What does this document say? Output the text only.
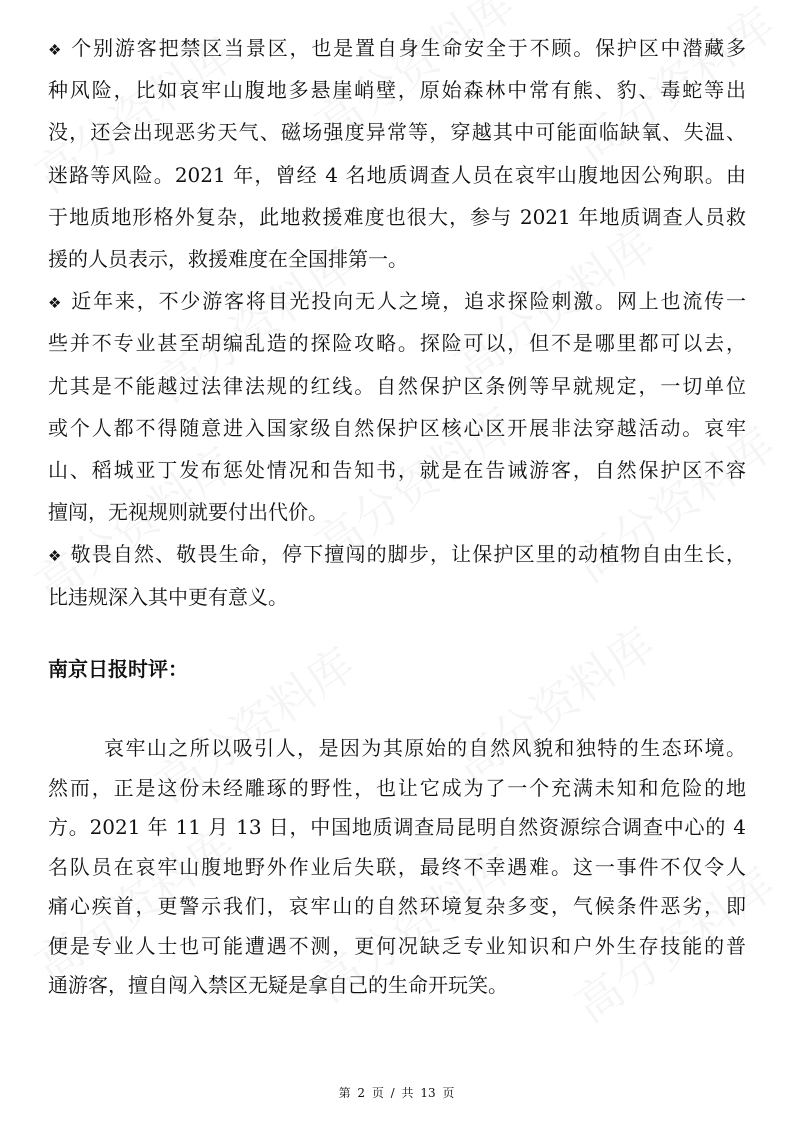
❖ 个别游客把禁区当景区，也是置自身生命安全于不顾。保护区中潜藏多
种风险，比如哀牢山腹地多悬崖峭壁，原始森林中常有熊、豹、毒蛇等出
没，还会出现恶劣天气、磁场强度异常等，穿越其中可能面临缺氧、失温、
迷路等风险。2021 年，曾经 4 名地质调查人员在哀牢山腹地因公殉职。由
于地质地形格外复杂，此地救援难度也很大，参与 2021 年地质调查人员救
援的人员表示，救援难度在全国排第一。
❖ 近年来，不少游客将目光投向无人之境，追求探险刺激。网上也流传一
些并不专业甚至胡编乱造的探险攻略。探险可以，但不是哪里都可以去，
尤其是不能越过法律法规的红线。自然保护区条例等早就规定，一切单位
或个人都不得随意进入国家级自然保护区核心区开展非法穿越活动。哀牢
山、稻城亚丁发布惩处情况和告知书，就是在告诫游客，自然保护区不容
擅闯，无视规则就要付出代价。
❖ 敬畏自然、敬畏生命，停下擅闯的脚步，让保护区里的动植物自由生长，
比违规深入其中更有意义。
南京日报时评：
哀牢山之所以吸引人，是因为其原始的自然风貌和独特的生态环境。
然而，正是这份未经雕琢的野性，也让它成为了一个充满未知和危险的地
方。2021 年 11 月 13 日，中国地质调查局昆明自然资源综合调查中心的 4
名队员在哀牢山腹地野外作业后失联，最终不幸遇难。这一事件不仅令人
痛心疾首，更警示我们，哀牢山的自然环境复杂多变，气候条件恶劣，即
便是专业人士也可能遭遇不测，更何况缺乏专业知识和户外生存技能的普
通游客，擅自闯入禁区无疑是拿自己的生命开玩笑。
第 2 页 / 共 13 页
